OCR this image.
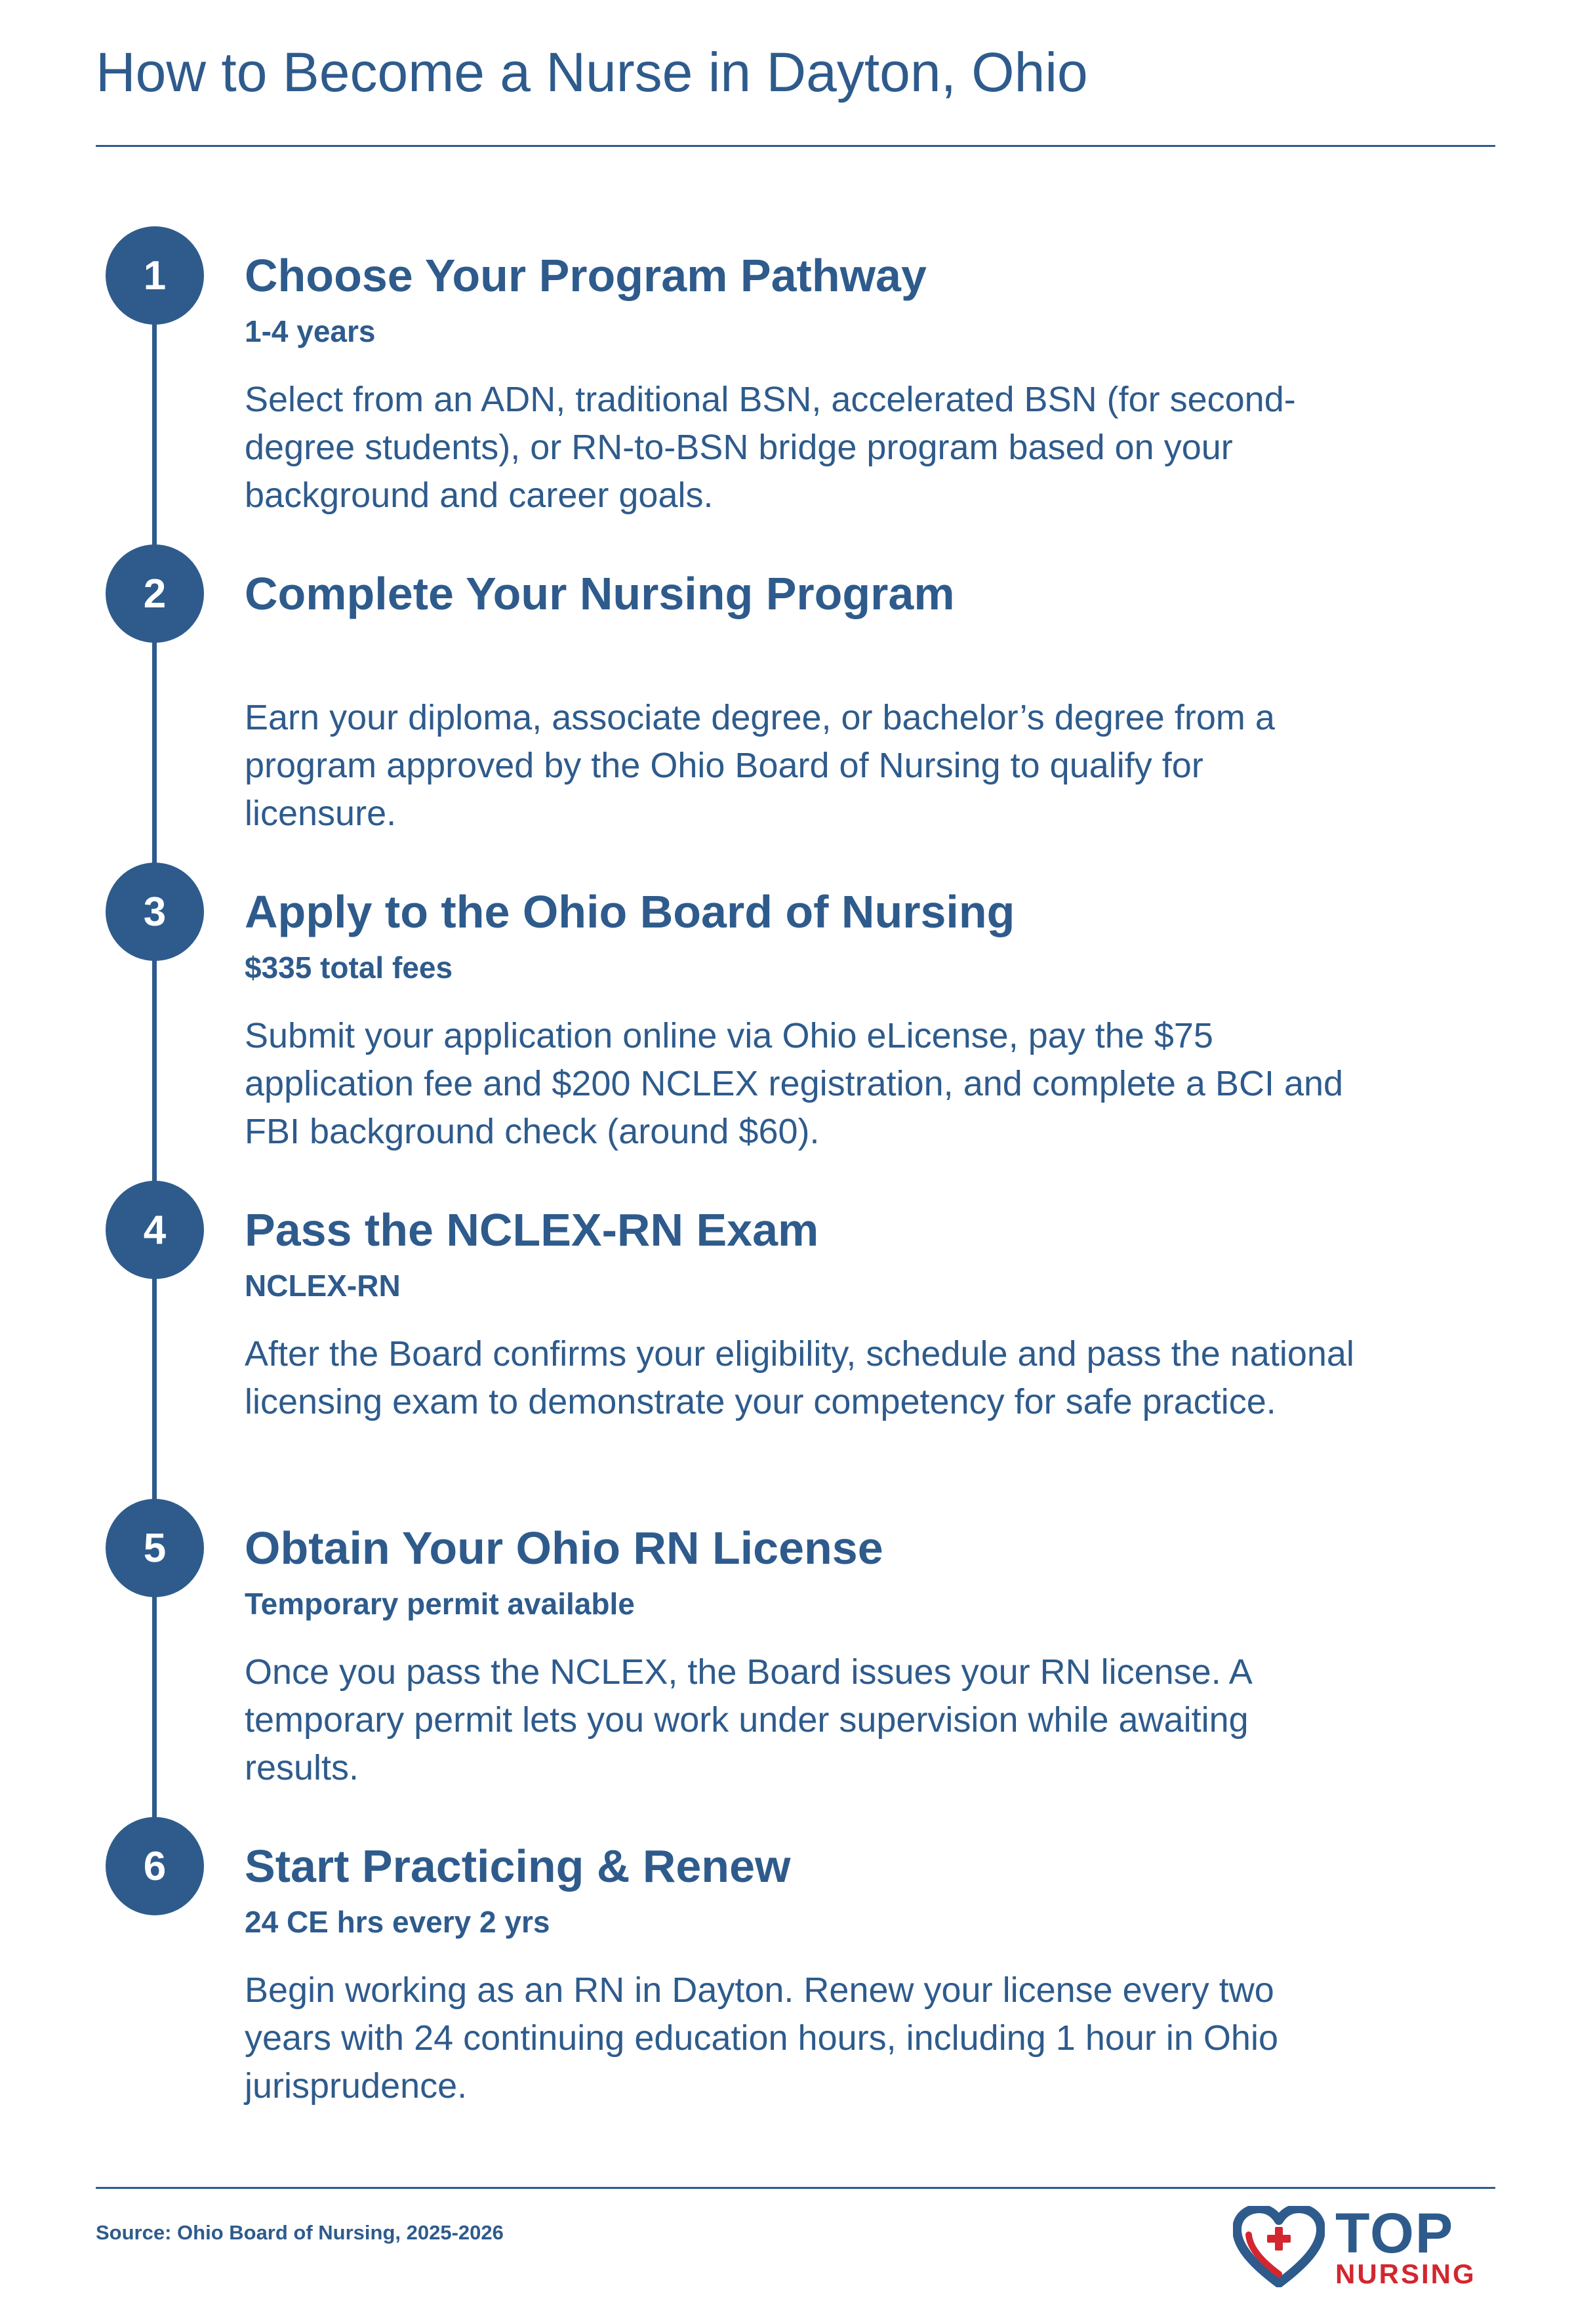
How to Become a Nurse in Dayton, Ohio
1	Choose Your Program Pathway
1-4 years
Select from an ADN, traditional BSN, accelerated BSN (for second-degree students), or RN-to-BSN bridge program based on your background and career goals.
2	Complete Your Nursing Program
Earn your diploma, associate degree, or bachelor’s degree from a program approved by the Ohio Board of Nursing to qualify for licensure.
3	Apply to the Ohio Board of Nursing
$335 total fees
Submit your application online via Ohio eLicense, pay the $75 application fee and $200 NCLEX registration, and complete a BCI and FBI background check (around $60).
4	Pass the NCLEX-RN Exam
NCLEX-RN
After the Board confirms your eligibility, schedule and pass the national licensing exam to demonstrate your competency for safe practice.
5	Obtain Your Ohio RN License
Temporary permit available
Once you pass the NCLEX, the Board issues your RN license. A temporary permit lets you work under supervision while awaiting results.
6	Start Practicing & Renew
24 CE hrs every 2 yrs
Begin working as an RN in Dayton. Renew your license every two years with 24 continuing education hours, including 1 hour in Ohio jurisprudence.
Source: Ohio Board of Nursing, 2025-2026	TOP
NURSING
